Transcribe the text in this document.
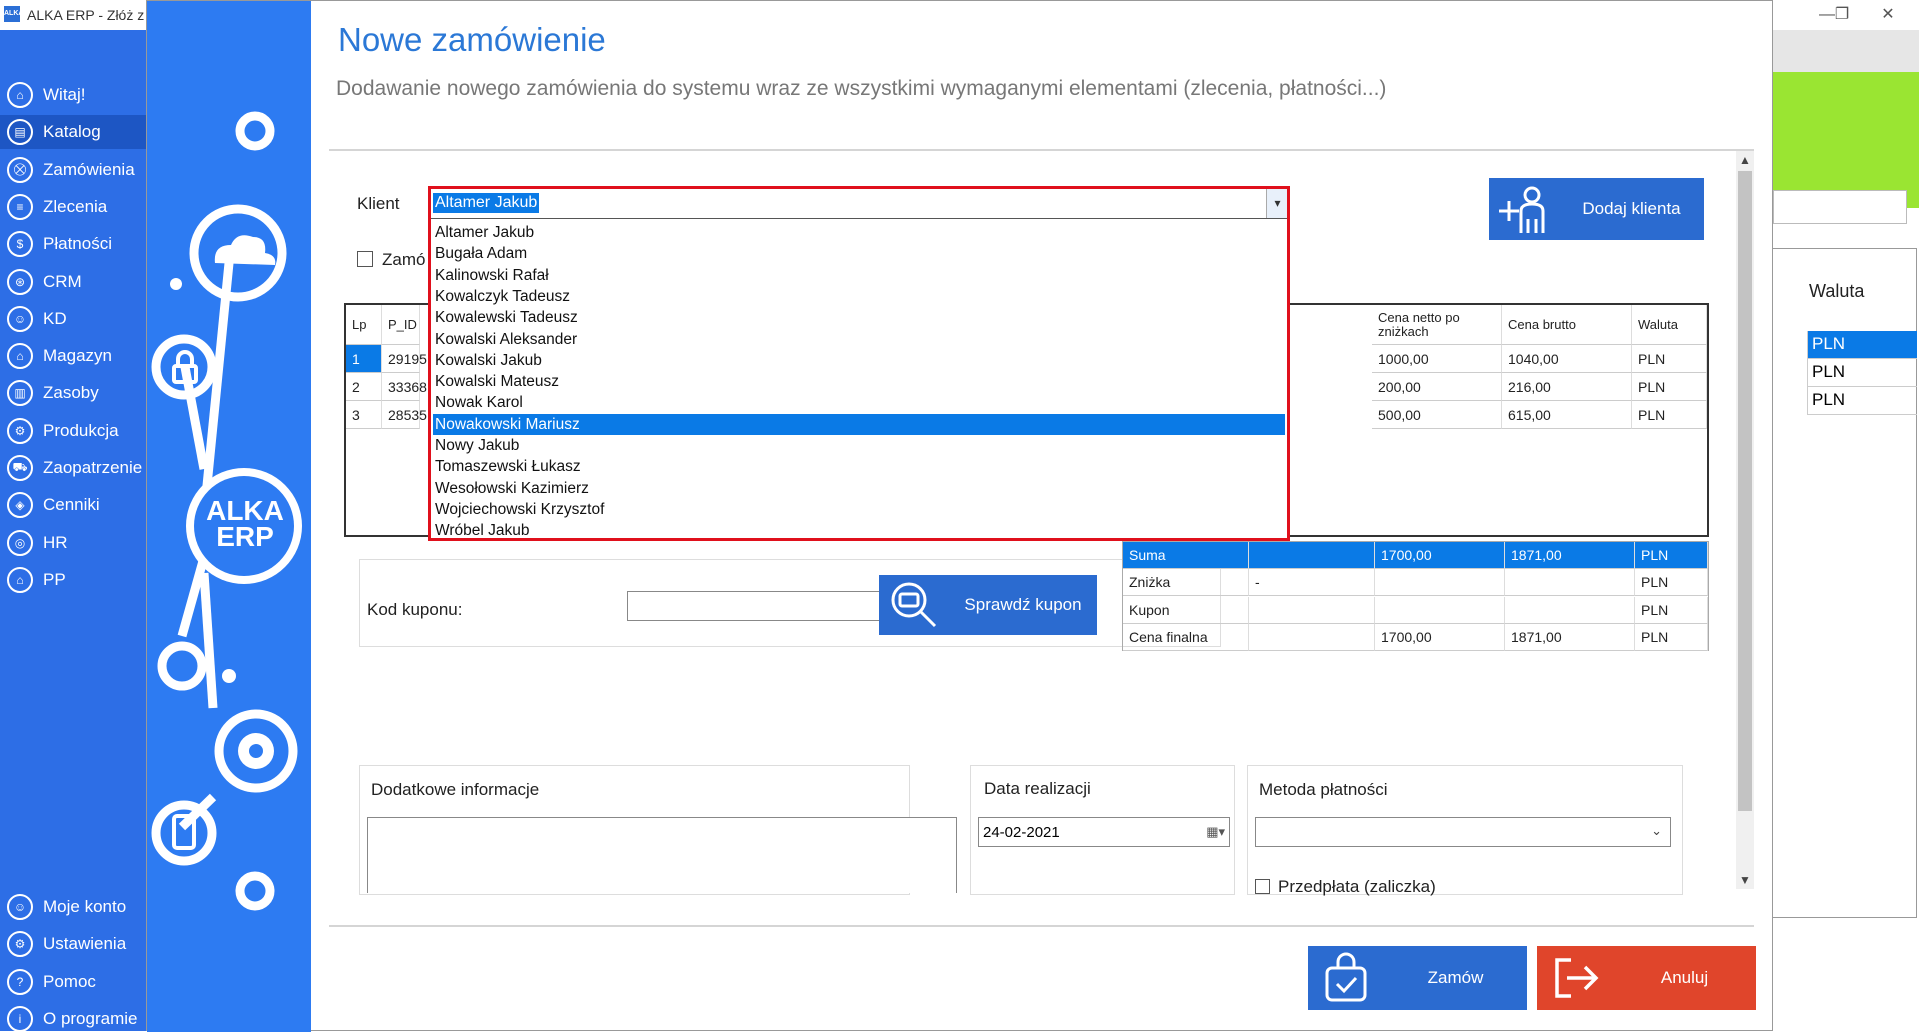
ALKA ALKA ERP - Złóż z	— ❐	✕
⌂	Witaj!
▤	Katalog
⛒ Zamówienia
≡	Zlecenia
$	Płatności
⊛	CRM
☺ KD
⌂	Magazyn
▥	Zasoby
⚙	Produkcja
⛟ Zaopatrzenie
◈	Cenniki
◎	HR
⌂	PP
☺ Moje konto
⚙	Ustawienia
?	Pomoc
i	O programie
Waluta
PLN
PLN
PLN
ALKA
ERP
Nowe zamówienie
Dodawanie nowego zamówienia do systemu wraz ze wszystkimi wymaganymi elementami (zlecenia, płatności...)
▲
▼
Klient Altamer Jakub	▾
Zamó
Dodaj klienta
Lp	P_ID	Cena netto po zniżkach	Cena brutto	Waluta
1	29195	1000,00	1040,00	PLN
2	33368	200,00	216,00	PLN
3	28535	500,00	615,00	PLN
Altamer Jakub
Bugała Adam
Kalinowski Rafał
Kowalczyk Tadeusz
Kowalewski Tadeusz
Kowalski Aleksander
Kowalski Jakub
Kowalski Mateusz
Nowak Karol
Nowakowski Mariusz
Nowy Jakub
Tomaszewski Łukasz
Wesołowski Kazimierz
Wojciechowski Krzysztof
Wróbel Jakub
Kod kuponu:	Sprawdź kupon
Suma	1700,00	1871,00	PLN
Zniżka	-	PLN
Kupon	PLN
Cena finalna	1700,00	1871,00	PLN
Dodatkowe informacje	Data realizacji
24-02-2021	▦▾
Metoda płatności
⌄
Przedpłata (zaliczka)
Zamów	Anuluj
